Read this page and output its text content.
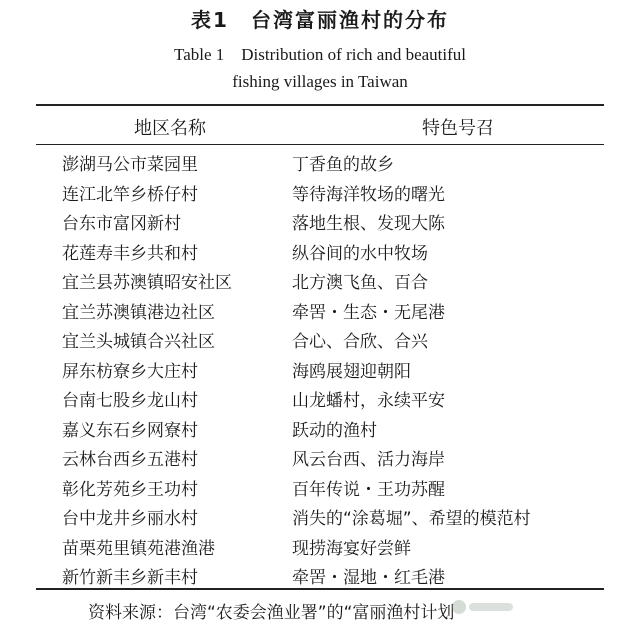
表1　台湾富丽渔村的分布
Table 1　Distribution of rich and beautiful
fishing villages in Taiwan
地区名称	特色号召
澎湖马公市菜园里	丁香鱼的故乡
连江北竿乡桥仔村	等待海洋牧场的曙光
台东市富冈新村	落地生根、发现大陈
花莲寿丰乡共和村	纵谷间的水中牧场
宜兰县苏澳镇昭安社区	北方澳飞鱼、百合
宜兰苏澳镇港边社区	牵罟・生态・无尾港
宜兰头城镇合兴社区	合心、合欣、合兴
屏东枋寮乡大庄村	海鸥展翅迎朝阳
台南七股乡龙山村	山龙蟠村，永续平安
嘉义东石乡网寮村	跃动的渔村
云林台西乡五港村	风云台西、活力海岸
彰化芳苑乡王功村	百年传说・王功苏醒
台中龙井乡丽水村	消失的“涂葛堀”、希望的模范村
苗栗苑里镇苑港渔港	现捞海宴好尝鲜
新竹新丰乡新丰村	牵罟・湿地・红毛港
资料来源：台湾“农委会渔业署”的“富丽渔村计划
